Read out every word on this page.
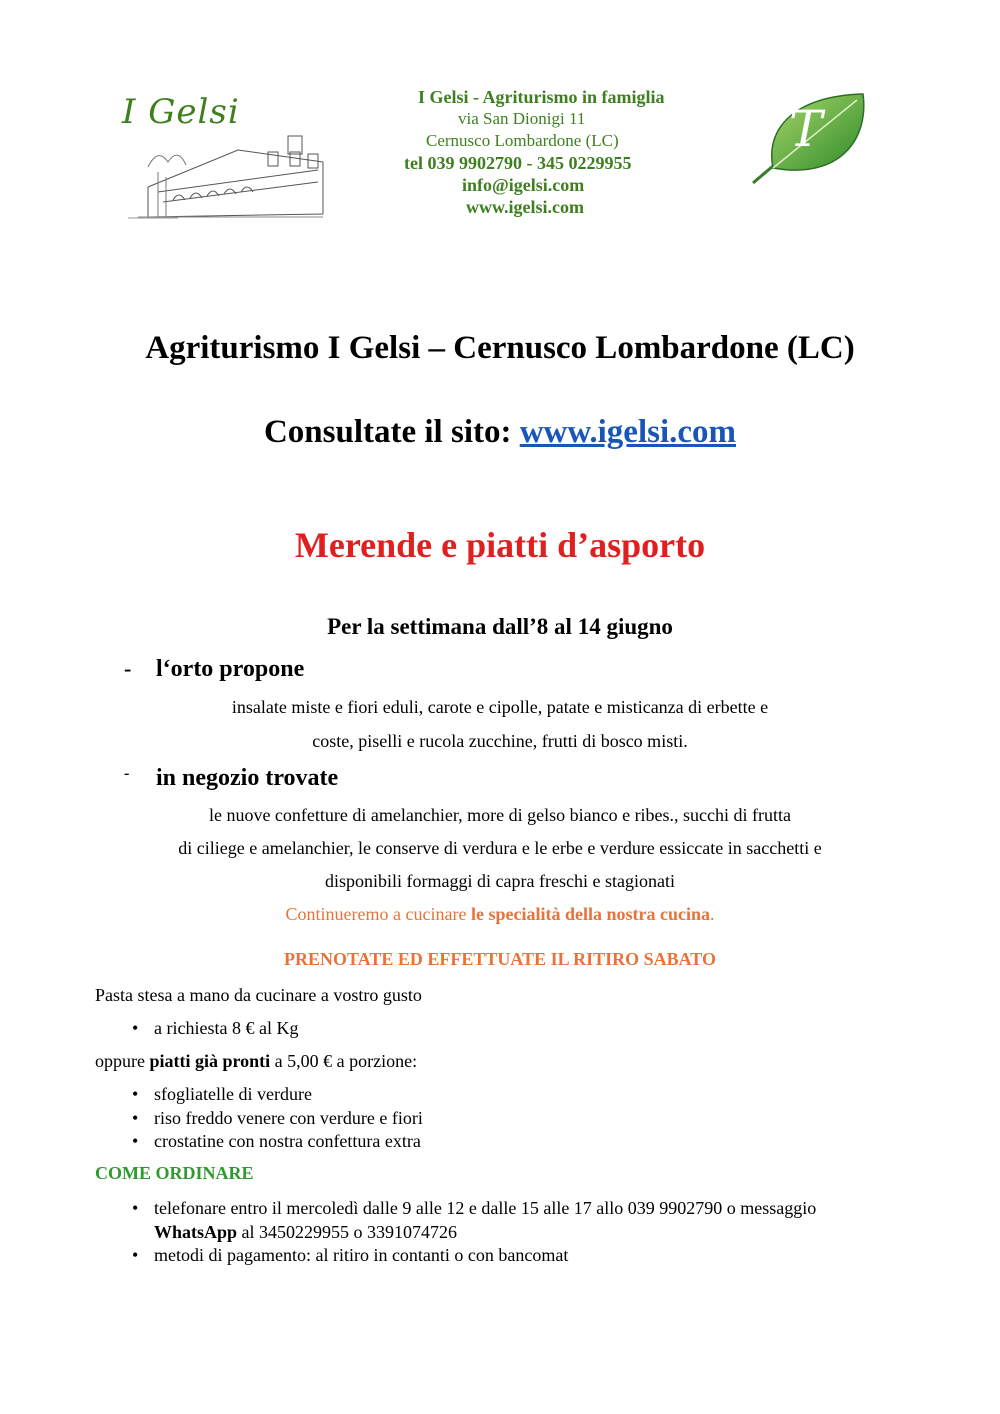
I Gelsi	T
I Gelsi - Agriturismo in famiglia
via San Dionigi 11
Cernusco Lombardone (LC)
tel 039 9902790 - 345 0229955
info@igelsi.com
www.igelsi.com
Agriturismo I Gelsi – Cernusco Lombardone (LC)
Consultate il sito: www.igelsi.com
Merende e piatti d’asporto
Per la settimana dall’8 al 14 giugno
- l‘orto propone
insalate miste e fiori eduli, carote e cipolle, patate e misticanza di erbette e
coste, piselli e rucola zucchine, frutti di bosco misti.
- in negozio trovate
le nuove confetture di amelanchier, more di gelso bianco e ribes., succhi di frutta
di ciliege e amelanchier, le conserve di verdura e le erbe e verdure essiccate in sacchetti e
disponibili formaggi di capra freschi e stagionati
Continueremo a cucinare le specialità della nostra cucina.
PRENOTATE ED EFFETTUATE IL RITIRO SABATO
Pasta stesa a mano da cucinare a vostro gusto
• a richiesta 8 € al Kg
oppure piatti già pronti a 5,00 € a porzione:
• sfogliatelle di verdure
• riso freddo venere con verdure e fiori
• crostatine con nostra confettura extra
COME ORDINARE
• telefonare entro il mercoledì dalle 9 alle 12 e dalle 15 alle 17 allo 039 9902790 o messaggio
WhatsApp al 3450229955 o 3391074726
• metodi di pagamento: al ritiro in contanti o con bancomat
